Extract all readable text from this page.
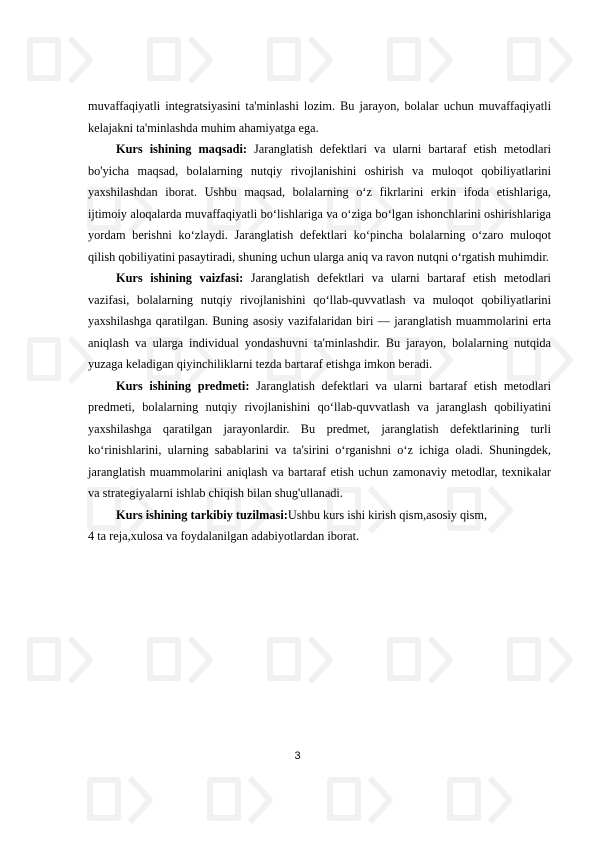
muvaffaqiyatli integratsiyasini ta'minlashi lozim. Bu jarayon, bolalar uchun muvaffaqiyatli kelajakni ta'minlashda muhim ahamiyatga ega.

Kurs ishining maqsadi: Jaranglatish defektlari va ularni bartaraf etish metodlari bo'yicha maqsad, bolalarning nutqiy rivojlanishini oshirish va muloqot qobiliyatlarini yaxshilashdan iborat. Ushbu maqsad, bolalarning o‘z fikrlarini erkin ifoda etishlariga, ijtimoiy aloqalarda muvaffaqiyatli bo‘lishlariga va o‘ziga bo‘lgan ishonchlarini oshirishlariga yordam berishni ko‘zlaydi. Jaranglatish defektlari ko‘pincha bolalarning o‘zaro muloqot qilish qobiliyatini pasaytiradi, shuning uchun ularga aniq va ravon nutqni o‘rgatish muhimdir.

Kurs ishining vaizfasi: Jaranglatish defektlari va ularni bartaraf etish metodlari vazifasi, bolalarning nutqiy rivojlanishini qo‘llab-quvvatlash va muloqot qobiliyatlarini yaxshilashga qaratilgan. Buning asosiy vazifalaridan biri — jaranglatish muammolarini erta aniqlash va ularga individual yondashuvni ta'minlashdir. Bu jarayon, bolalarning nutqida yuzaga keladigan qiyinchiliklarni tezda bartaraf etishga imkon beradi.

Kurs ishining predmeti: Jaranglatish defektlari va ularni bartaraf etish metodlari predmeti, bolalarning nutqiy rivojlanishini qo‘llab-quvvatlash va jaranglash qobiliyatini yaxshilashga qaratilgan jarayonlardir. Bu predmet, jaranglatish defektlarining turli ko‘rinishlarini, ularning sabablarini va ta'sirini o‘rganishni o‘z ichiga oladi. Shuningdek, jaranglatish muammolarini aniqlash va bartaraf etish uchun zamonaviy metodlar, texnikalar va strategiyalarni ishlab chiqish bilan shug'ullanadi.

Kurs ishining tarkibiy tuzilmasi:Ushbu kurs ishi kirish qism,asosiy qism,

4 ta reja,xulosa va foydalanilgan adabiyotlardan iborat.

3
